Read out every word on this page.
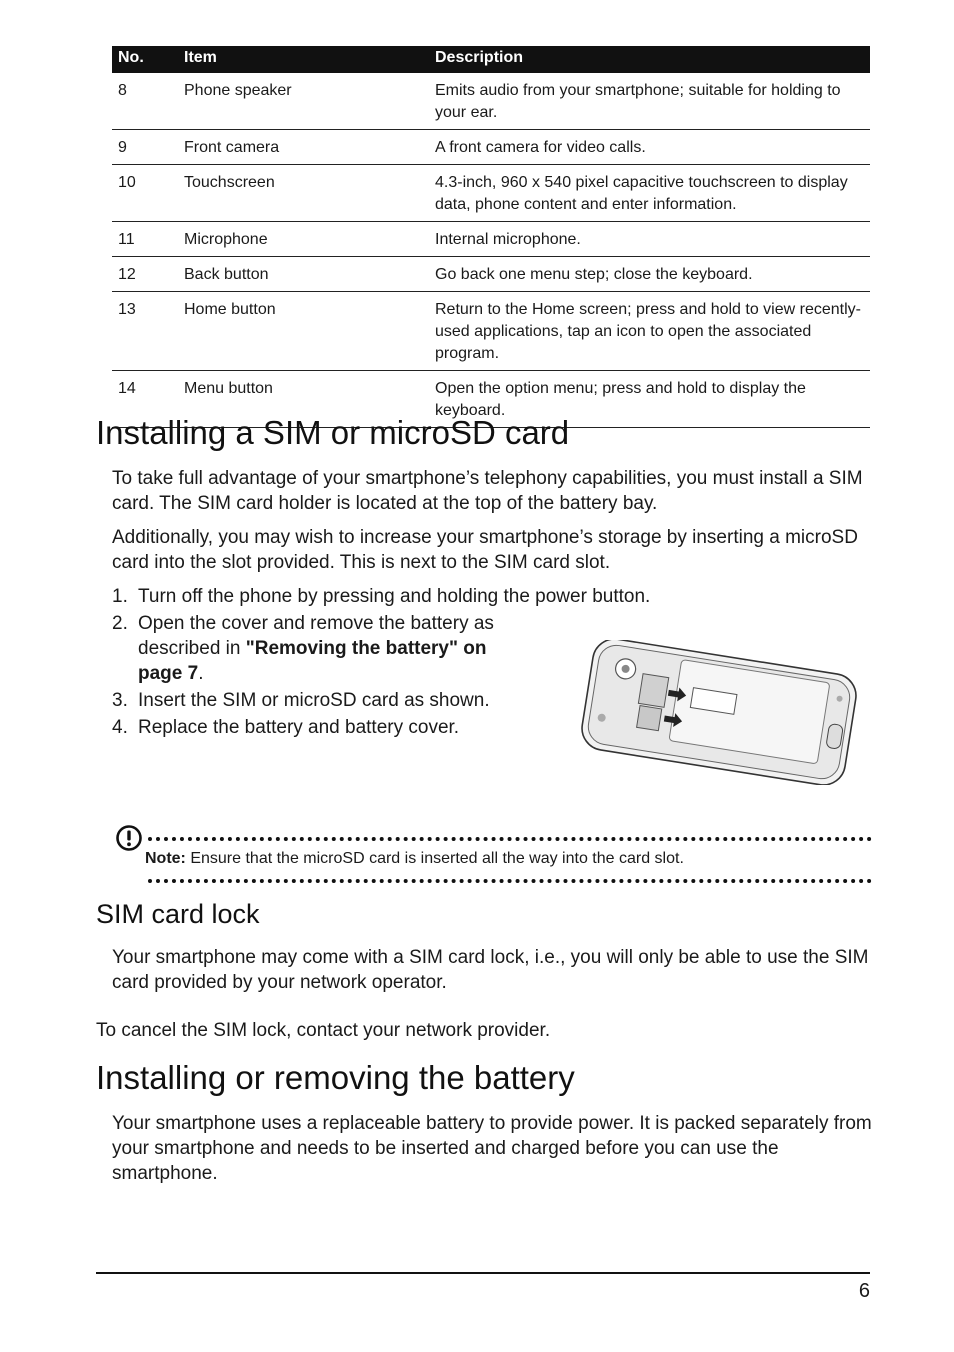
No.	Item	Description
8	Phone speaker	Emits audio from your smartphone; suitable for holding to your ear.
9	Front camera	A front camera for video calls.
10	Touchscreen	4.3-inch, 960 x 540 pixel capacitive touchscreen to display data, phone content and enter information.
11	Microphone	Internal microphone.
12	Back button	Go back one menu step; close the keyboard.
13	Home button	Return to the Home screen; press and hold to view recently-used applications, tap an icon to open the associated program.
14	Menu button	Open the option menu; press and hold to display the keyboard.
Installing a SIM or microSD card

To take full advantage of your smartphone’s telephony capabilities, you must install a SIM card. The SIM card holder is located at the top of the battery bay.

Additionally, you may wish to increase your smartphone’s storage by inserting a microSD card into the slot provided. This is next to the SIM card slot.

1. Turn off the phone by pressing and holding the power button.
2. Open the cover and remove the battery as described in "Removing the battery" on page 7.
3. Insert the SIM or microSD card as shown.
4. Replace the battery and battery cover.
Note: Ensure that the microSD card is inserted all the way into the card slot.
SIM card lock

Your smartphone may come with a SIM card lock, i.e., you will only be able to use the SIM card provided by your network operator.

To cancel the SIM lock, contact your network provider.

Installing or removing the battery

Your smartphone uses a replaceable battery to provide power. It is packed separately from your smartphone and needs to be inserted and charged before you can use the smartphone.

6
